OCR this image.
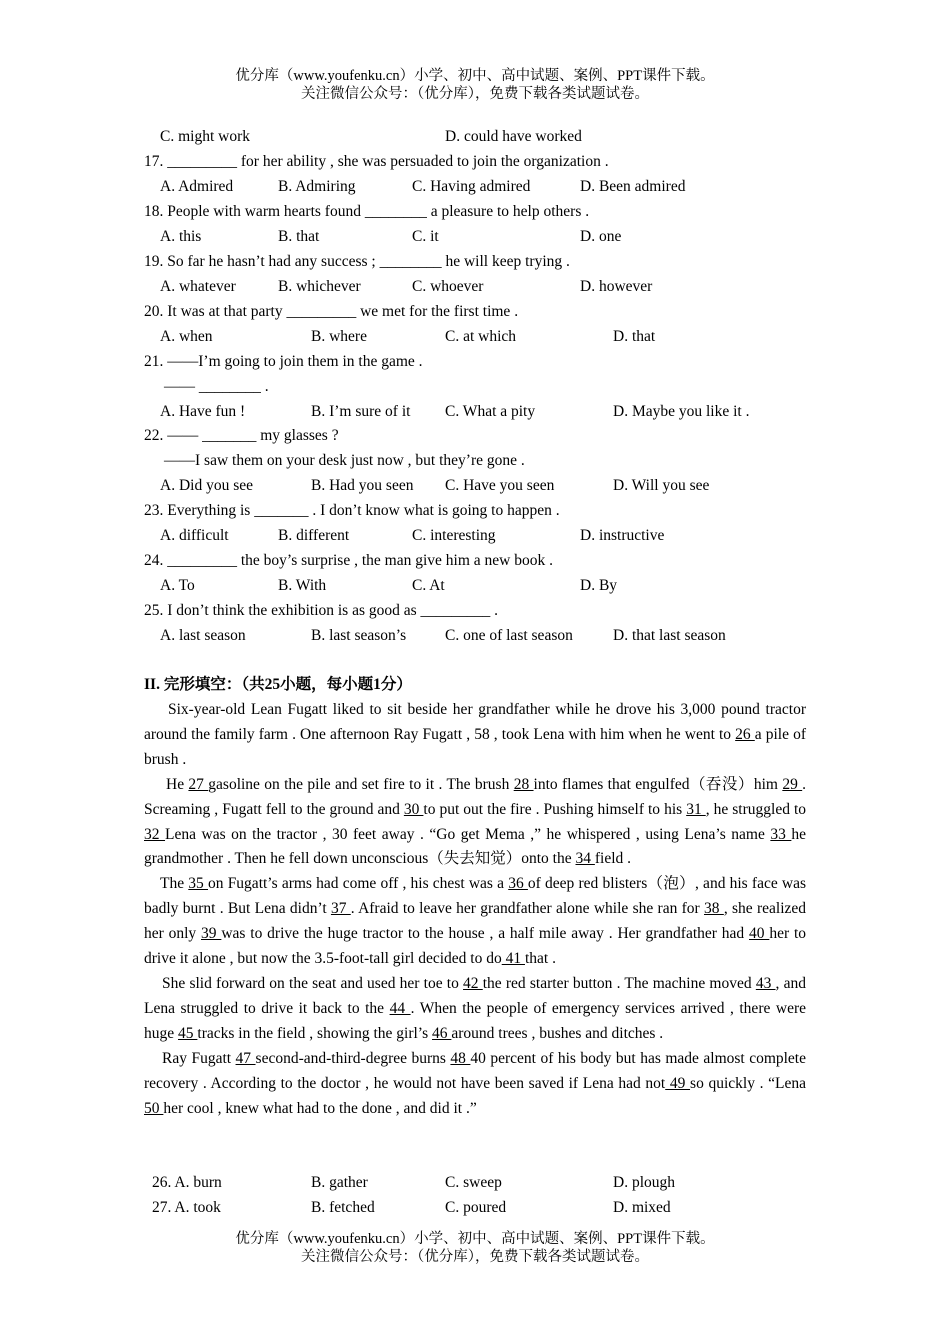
优分库（www.youfenku.cn）小学、初中、高中试题、案例、PPT课件下载。
关注微信公众号：（优分库），免费下载各类试题试卷。
C. might work	D. could have worked
17. _________ for her ability , she was persuaded to join the organization .
A. Admired	B. Admiring	C. Having admired	D. Been admired
18. People with warm hearts found ________ a pleasure to help others .
A. this	B. that	C. it	D. one
19. So far he hasn’t had any success ; ________ he will keep trying .
A. whatever	B. whichever	C. whoever	D. however
20. It was at that party _________ we met for the first time .
A. when	B. where	C. at which	D. that
21. ——I’m going to join them in the game .
—— ________ .
A. Have fun !	B. I’m sure of it C. What a pity	D. Maybe you like it .
22. —— _______ my glasses ?
——I saw them on your desk just now , but they’re gone .
A. Did you see	B. Had you seen C. Have you seen	D. Will you see
23. Everything is _______ . I don’t know what is going to happen .
A. difficult	B. different	C. interesting	D. instructive
24. _________ the boy’s surprise , the man give him a new book .
A. To	B. With	C. At	D. By
25. I don’t think the exhibition is as good as _________ .
A. last season	B. last season’s	C. one of last season	D. that last season
II. 完形填空：（共25小题，每小题1分）

Six-year-old Lean Fugatt liked to sit beside her grandfather while he drove his 3,000 pound tractor around the family farm . One afternoon Ray Fugatt , 58 , took Lena with him when he went to 26 a pile of brush .

He 27 gasoline on the pile and set fire to it . The brush 28 into flames that engulfed（吞没）him 29 . Screaming , Fugatt fell to the ground and 30 to put out the fire . Pushing himself to his 31 , he struggled to 32 Lena was on the tractor , 30 feet away . “Go get Mema ,” he whispered , using Lena’s name 33 he grandmother . Then he fell down unconscious（失去知觉）onto the 34 field .

The 35 on Fugatt’s arms had come off , his chest was a 36 of deep red blisters（泡）, and his face was badly burnt . But Lena didn’t 37 . Afraid to leave her grandfather alone while she ran for 38 , she realized her only 39 was to drive the huge tractor to the house , a half mile away . Her grandfather had 40 her to drive it alone , but now the 3.5-foot-tall girl decided to do 41 that .

She slid forward on the seat and used her toe to 42 the red starter button . The machine moved 43 , and Lena struggled to drive it back to the 44 . When the people of emergency services arrived , there were huge 45 tracks in the field , showing the girl’s 46 around trees , bushes and ditches .

Ray Fugatt 47 second-and-third-degree burns 48 40 percent of his body but has made almost complete recovery . According to the doctor , he would not have been saved if Lena had not 49 so quickly . “Lena 50 her cool , knew what had to the done , and did it .”

26. A. burn	B. gather	C. sweep	D. plough
27. A. took	B. fetched	C. poured	D. mixed
优分库（www.youfenku.cn）小学、初中、高中试题、案例、PPT课件下载。
关注微信公众号：（优分库），免费下载各类试题试卷。
